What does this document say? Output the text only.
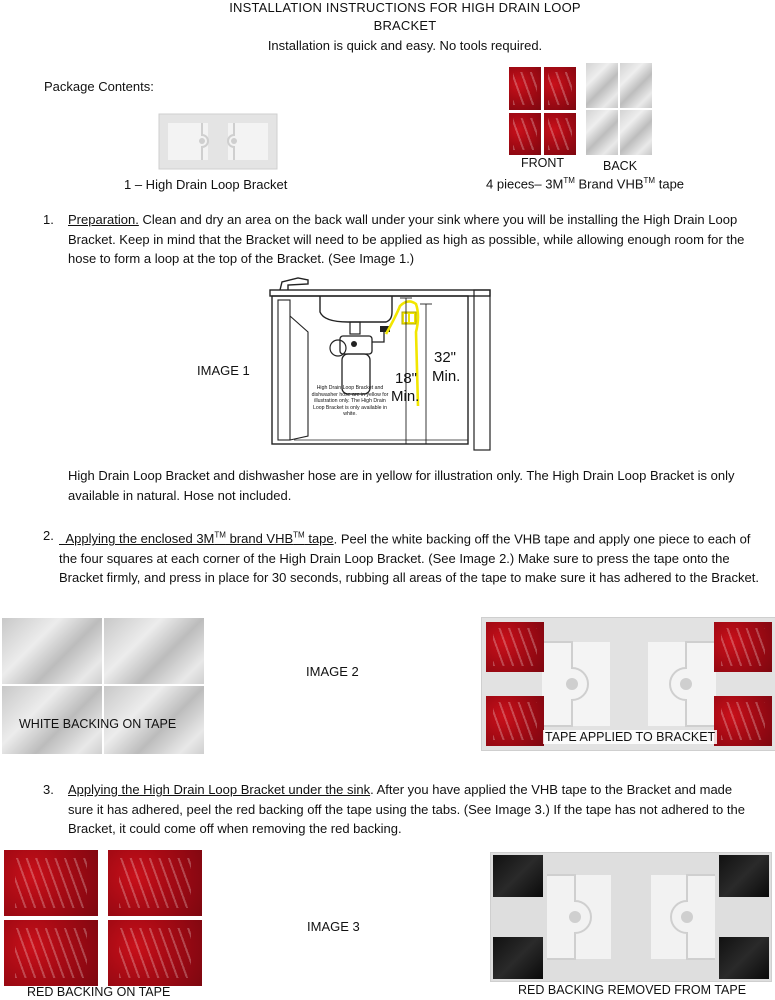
INSTALLATION INSTRUCTIONS FOR HIGH DRAIN LOOP
BRACKET
Installation is quick and easy. No tools required.
Package Contents:
1 – High Drain Loop Bracket
FRONT	BACK
4 pieces– 3M™ Brand VHB™ tape
1. Preparation. Clean and dry an area on the back wall under your sink where you will be installing the High Drain Loop Bracket. Keep in mind that the Bracket will need to be applied as high as possible, while allowing enough room for the hose to form a loop at the top of the Bracket. (See Image 1.)
IMAGE 1
32"
Min.
18"
Min.
High Drain Loop Bracket and
dishwasher hose are in yellow for
illustration only. The High Drain
Loop Bracket is only available in
white.
High Drain Loop Bracket and dishwasher hose are in yellow for illustration only. The High Drain Loop Bracket is only available in natural. Hose not included.
2. Applying the enclosed 3M™ brand VHB™ tape. Peel the white backing off the VHB tape and apply one piece to each of the four squares at each corner of the High Drain Loop Bracket. (See Image 2.) Make sure to press the tape onto the Bracket firmly, and press in place for 30 seconds, rubbing all areas of the tape to make sure it has adhered to the Bracket.
WHITE BACKING ON TAPE
IMAGE 2
TAPE APPLIED TO BRACKET
3. Applying the High Drain Loop Bracket under the sink. After you have applied the VHB tape to the Bracket and made sure it has adhered, peel the red backing off the tape using the tabs. (See Image 3.) If the tape has not adhered to the Bracket, it could come off when removing the red backing.
RED BACKING ON TAPE
IMAGE 3
RED BACKING REMOVED FROM TAPE
